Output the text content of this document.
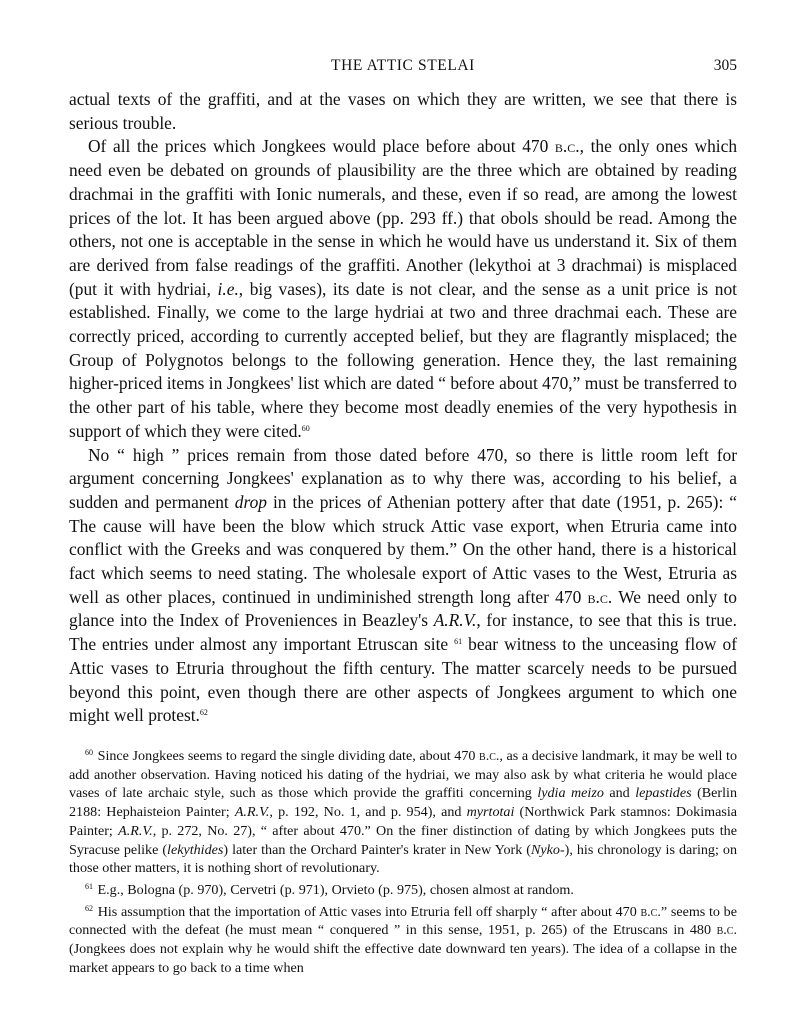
THE ATTIC STELAI	305

actual texts of the graffiti, and at the vases on which they are written, we see that there is serious trouble.

Of all the prices which Jongkees would place before about 470 b.c., the only ones which need even be debated on grounds of plausibility are the three which are obtained by reading drachmai in the graffiti with Ionic numerals, and these, even if so read, are among the lowest prices of the lot. It has been argued above (pp. 293 ff.) that obols should be read. Among the others, not one is acceptable in the sense in which he would have us understand it. Six of them are derived from false readings of the graffiti. Another (lekythoi at 3 drachmai) is misplaced (put it with hydriai, i.e., big vases), its date is not clear, and the sense as a unit price is not established. Finally, we come to the large hydriai at two and three drachmai each. These are correctly priced, according to currently accepted belief, but they are flagrantly misplaced; the Group of Polygnotos belongs to the following generation. Hence they, the last remaining higher-priced items in Jongkees' list which are dated “ before about 470,” must be transferred to the other part of his table, where they become most deadly enemies of the very hypothesis in support of which they were cited.$^{60}$

No “ high ” prices remain from those dated before 470, so there is little room left for argument concerning Jongkees' explanation as to why there was, according to his belief, a sudden and permanent drop in the prices of Athenian pottery after that date (1951, p. 265): “ The cause will have been the blow which struck Attic vase export, when Etruria came into conflict with the Greeks and was conquered by them.” On the other hand, there is a historical fact which seems to need stating. The wholesale export of Attic vases to the West, Etruria as well as other places, continued in undiminished strength long after 470 b.c. We need only to glance into the Index of Proveniences in Beazley's A.R.V., for instance, to see that this is true. The entries under almost any important Etruscan site $^{61}$ bear witness to the unceasing flow of Attic vases to Etruria throughout the fifth century. The matter scarcely needs to be pursued beyond this point, even though there are other aspects of Jongkees argument to which one might well protest.$^{62}$

$^{60}$ Since Jongkees seems to regard the single dividing date, about 470 b.c., as a decisive landmark, it may be well to add another observation. Having noticed his dating of the hydriai, we may also ask by what criteria he would place vases of late archaic style, such as those which provide the graffiti concerning lydia meizo and lepastides (Berlin 2188: Hephaisteion Painter; A.R.V., p. 192, No. 1, and p. 954), and myrtotai (Northwick Park stamnos: Dokimasia Painter; A.R.V., p. 272, No. 27), “ after about 470.” On the finer distinction of dating by which Jongkees puts the Syracuse pelike (lekythides) later than the Orchard Painter's krater in New York (Nyko-), his chronology is daring; on those other matters, it is nothing short of revolutionary.

$^{61}$ E.g., Bologna (p. 970), Cervetri (p. 971), Orvieto (p. 975), chosen almost at random.

$^{62}$ His assumption that the importation of Attic vases into Etruria fell off sharply “ after about 470 b.c.” seems to be connected with the defeat (he must mean “ conquered ” in this sense, 1951, p. 265) of the Etruscans in 480 b.c. (Jongkees does not explain why he would shift the effective date downward ten years). The idea of a collapse in the market appears to go back to a time when
